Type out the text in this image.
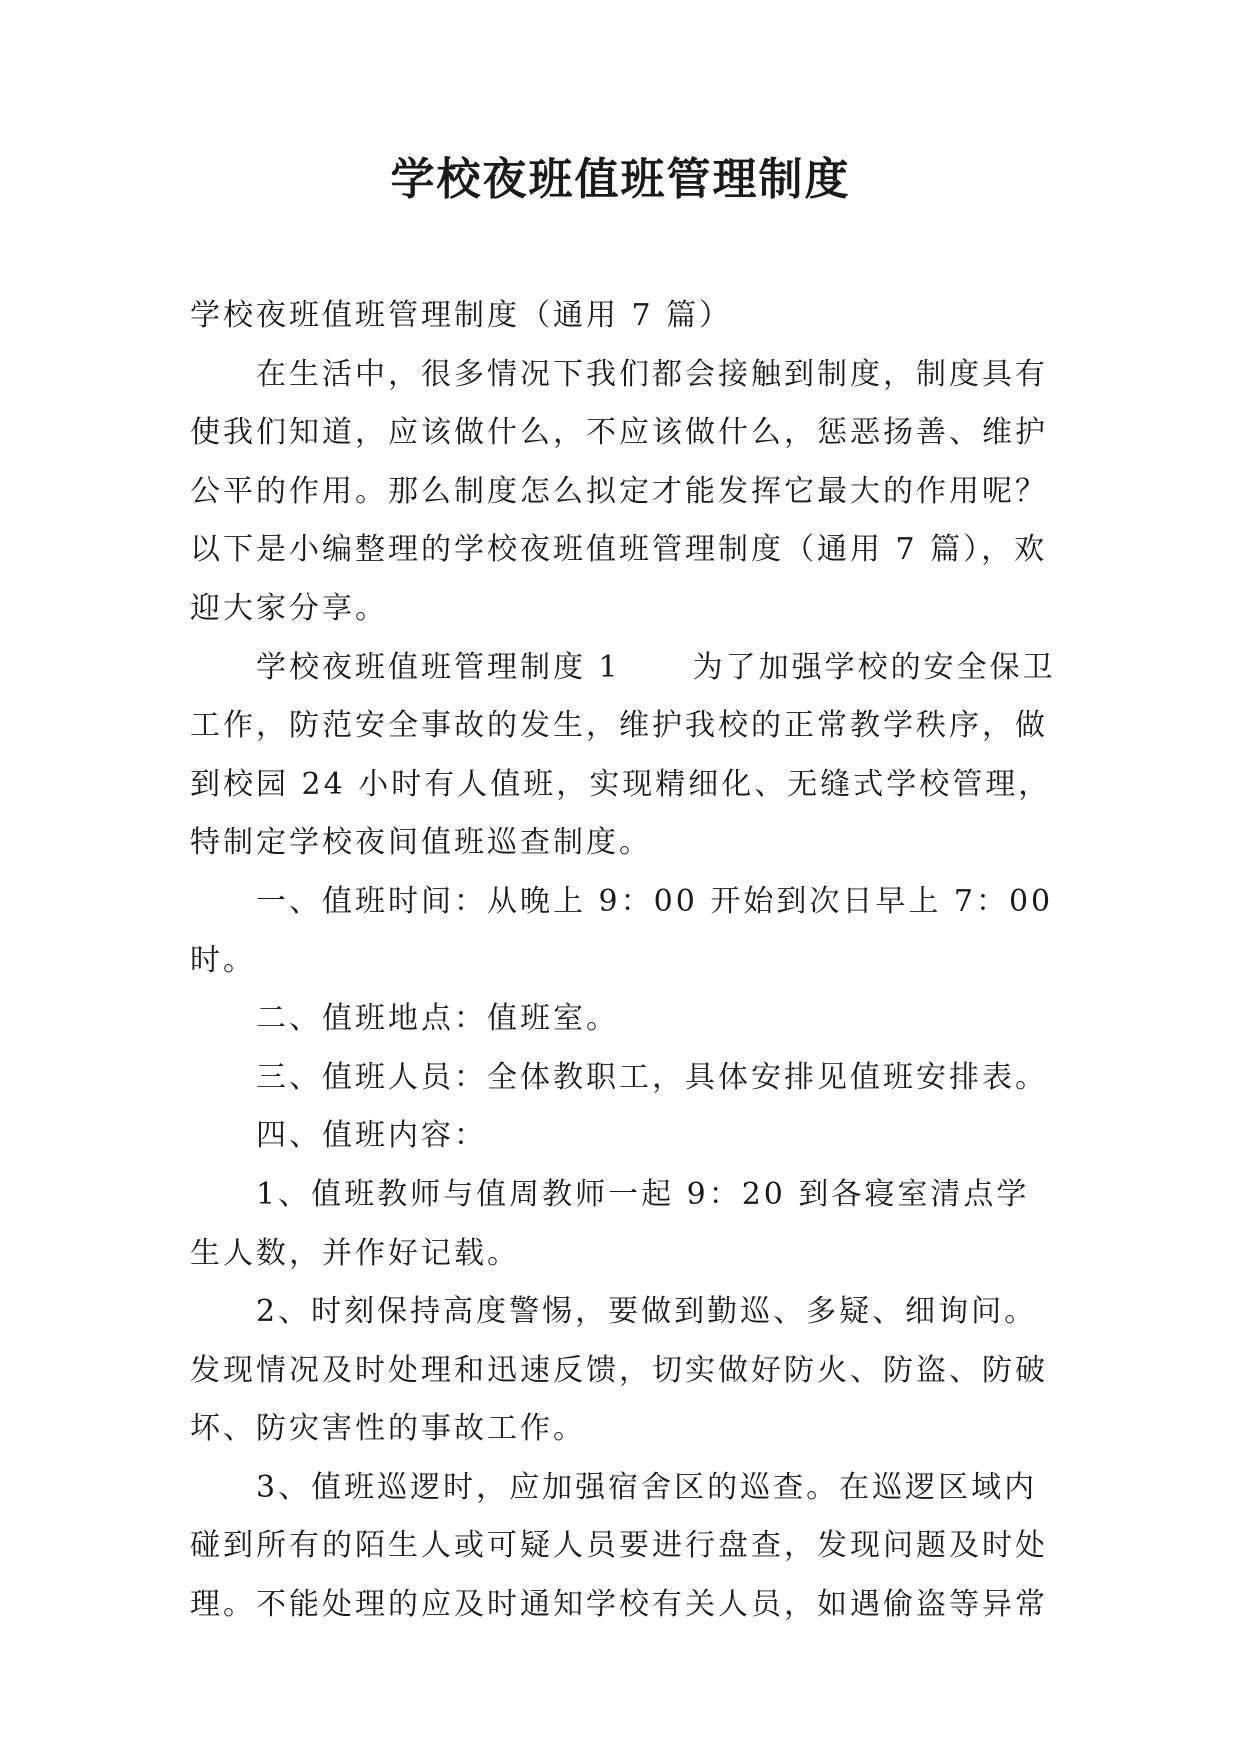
学校夜班值班管理制度

学校夜班值班管理制度（通用 7 篇）

在生活中，很多情况下我们都会接触到制度，制度具有使我们知道，应该做什么，不应该做什么，惩恶扬善、维护公平的作用。那么制度怎么拟定才能发挥它最大的作用呢？以下是小编整理的学校夜班值班管理制度（通用 7 篇），欢迎大家分享。

学校夜班值班管理制度 1 为了加强学校的安全保卫工作，防范安全事故的发生，维护我校的正常教学秩序，做到校园 24 小时有人值班，实现精细化、无缝式学校管理，特制定学校夜间值班巡查制度。

一、值班时间：从晚上 9：00 开始到次日早上 7：00 时。

二、值班地点：值班室。

三、值班人员：全体教职工，具体安排见值班安排表。

四、值班内容：

1、值班教师与值周教师一起 9：20 到各寝室清点学生人数，并作好记载。

2、时刻保持高度警惕，要做到勤巡、多疑、细询问。发现情况及时处理和迅速反馈，切实做好防火、防盗、防破坏、防灾害性的事故工作。

3、值班巡逻时，应加强宿舍区的巡查。在巡逻区域内碰到所有的陌生人或可疑人员要进行盘查，发现问题及时处理。不能处理的应及时通知学校有关人员，如遇偷盗等异常
